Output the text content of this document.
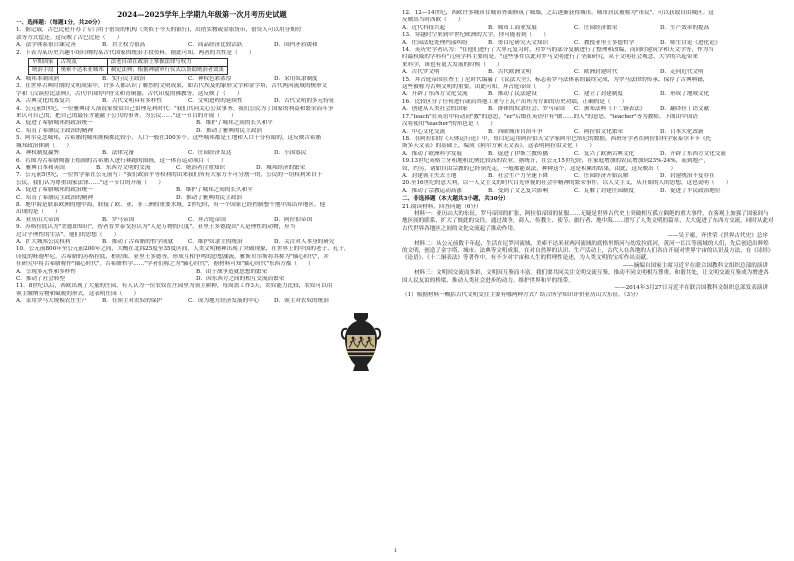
2024—2025学年上学期九年级第一次月考历史试题
一、选择题：（每题1分，共20分）
1．据记载，古巴比伦开办了专门用于借贷的机构（类似于今天的银行)，出借实物或金银货币，借贷人可以用分期付
款等方式偿还。这反映了古巴比伦（　　）
A．法学体系很日臻完善	B．君主权力很高	C．商品经济比较活跃	D．国内矛盾缓和
2．下表为某历史兴趣小组归纳的某古代国家的统治手段资料。据此可知，两者的共性是（　　）
早期国家	古埃及	法老自命在政治上掌握法律与权力
统治手段	奥索不达米亚城邦	制定法典；根据神谕审行仪式以帮助统治者效果
A．城邦本制成熟	B．实行民主政治	C．神权色彩浓厚	D．采用奴隶制度
3．在世界古典时期的文明成果中，许多人都认识了解烈的文明成果，如古代埃及的象形文字和金字塔，古代两河流域的楔形文
字和《汉谟拉比法典》，古代中国的甲骨文和青铜器，古代印度的佛教等。这反映了（　　）
A．古典文化的寡复兴	B．古代文明具有多样性	C．文明进程的延续性	D．古代文明的多元特征
4．公元前5世纪，一位雅典诗人演说家赞赏自己伯理克利时代："我们共同关心公众事务。我们公民为了国家的利益和繁荣而斗争
来认可自己的，把自己的最佳才能献于公共的事务，为公民……"这一节目的开展（　　）
A．促进了希腊城邦的政治统一	B．维护了城邦之间的长久和平
C．培育了希腊民主政治的精神	D．推动了雅典的民主政治
5．阿尔克念城邦，古希腊的城邦规模都比较小，人口一般在300多个。这些城邦都是土地和人口十分有限的，这反映古希腊
城邦政治体制（　　）
A．神权制度赢弊	B．法律完备	C．庄园经济发达	D．小国寡民
6．右图为古希腊陶器上绘制的古希腊人进行赛跑的图画，这一体育运动项目（　　）
A．雅典日本和英国	B．东西方文明的交流	C．统治者注重知识	D．城邦经济的繁荣
7．公元前5世纪，一位哲学家在公元前写："我们政治平等权利的由来我们所有大家方不可分割一的，公民的一切权利来自于
公民，我们认为尊重国家法律……"这一节目的开展（　　）
A．促进了希腊城邦的政治统一	B．维护了城邦之间的长久和平
C．培育了希腊民主政治的精神	D．推动了雅典的民主政治
8．地中海是联系欧洲的地中海，联接了欧、亚、非三洲的重要水域。2世纪时，有一个国家已经控制整个地中海沿岸地区，他
出现的是（　　）
A．亚历山大帝国	B．罗马帝国	C．拜占庭帝国	D．阿拉伯帝国
9．苏格拉底认为"美德即知识"，智者普罗泰戈拉认为"人是万物的尺度"，亚里士多德提出"人是理性的动物，应当
过合乎理性的生活"。他们的思想（　　）
A．扩大城邦公民权利	B．推动了古希腊的哲学成就	C．维护奴隶主的统治	D．关注对人本身的研究
10．公元前800年至公元前200年之间，大概在北纬25度至35度区间，人类文明精神出现了突破现象，在世界上的中国的老子、孔子，
印度的释迦牟尼，古希腊的苏格拉底、柏拉图、亚里士多德等，形成互相争鸣的思想潮流，雅斯贝尔斯将其称为"轴心时代"，并
在研究中将古希腊称作"轴心时代"。古希腊哲学……"学者们称之为"轴心时代"，据材料可知"轴心时代"东西方都（　　）
A．呈现多元性和多样性	B．由于战争造就思想的繁荣
C．推动了社会转型	D．因东西方之间的相互交流而繁荣
11．8世纪以后，西欧出现了大量的庄园，有人认为一位农奴在庄园里为领主耕种，每周需工作3天，农奴能力比较，农奴可以用
领主缴纳劳物和赋税的形式。这表明庄园（　　）
A．采用罗马大规模农庄生产	B．在领主对农奴的保护	C．成为地方经济发展的中心	D．领主对农奴的统治
12．12—14世纪，西欧许多城市在城市外面修筑了城墙，之后逐渐获得城市，城市居民被称为"市民"。可以获取自由城区。这
反映出当时西欧（　　）
A．近代科技兴起	B．城市工商业发展	C．庄园经济繁荣	D．生产效率的提高
13．穿越时空来到中世纪欧洲的大学，你可能看到（　　）
A．庄园法庭处理内部纠纷	B．哥白尼研究天文知识	C．教授亚里士多德哲学	D．师生讨论《进化论》
14．英历史学者认为："在他们进行了大单元复习时，对罗马的部分复制进行了整理和改编，而同时建筑学和天文学等，作为当
时最权威的学科有"几何学科主要的是。"这些事件以此对罗马文明进行了全面研究，从于文明社会观念，大学的兴起带来
来科学，该也有更大发展的时候（　　）
A．古代罗文明	B．古代欧洲文明	C．欧洲封建时代	D．走向近代文明
15．拜占庭帝国在查士丁尼时代编纂了《民法大全》，标志着罗马法体系的最终完成，为罗马法律的传承、保存了古典典籍，
这些被称为古典文明的重要，由此可知，拜占庭帝国（　　）
A．开辟了东西方文化交流	B．推动了民法建设	C．建立了封建制度	D．形成了地域文化
16．比较区分了任何进行或而其他工业与上瓦产出所为方面的历史功绩，正确的是（　　）
A．创建从人类社会的国家	B．群体的奴隶社会、罗马帝国	C．颁布法典《十二铜表法》	D．翻译拉丁语文献
17."teach"在英语中有动词"教"的意思，"er"后缀在英语中有"做……的人"的意思。"teacher"等为教师。下图由中国语
汉将使用"teacher"的角色是（　　）
A．中心文化交流	B．西欧城市自治斗争	C．阿拉伯文化繁荣	D．日本大化改新
18．在阿拉伯的《天体运行论》中，哥白尼运用阿拉伯天文学家阿尔巴塔尼的数据。西班牙学者在阿拉伯科学家泰尔卡卡《托
斯多天文表》的基础上，编成《阿尔方索天文表》。这表明阿拉伯文化（　　）
A．推动了欧洲科学发展	B．促进了伊斯兰教传播	C．复兴了欧洲古典文化	D．开辟了东西方文化交流
19.13世纪英格兰牙租地租比例比较高的农业，据统计，在公元15世纪经，在家庭增加的农民增加到23%-24%，而到地产，
奴，约另，诸如自由宗教的已经领先走，一般都能说法，种种这个，这是积累的结果，由此，这反映出（　　）
A．封建领主失去土地	B．社会生产力全速下降	C．庄园经济开始瓦解	D．封建统治不复存在
20.至16世纪的意大利，以一人文主义的时代目光审视的社会中精神的繁荣事件，以人文主义，从开始的人的思想，这也说明（　　）
A．推动了宗教运动高涨	B．受到了文艺复兴影响	C．瓦解了封建庄园制度	D．促进了平民政治地位
二、非选择题（本大题共3小题，共30分）
21.阅读材料，回答问题（6分）
材料一：亚历山大的东征，罗马帝国的扩张，阿拉伯帝国的征服……无疑是世界古代史上突破相互孤立隔绝的重大事件，在客观上加强了国家间与地区间的联系，扩大了彼此的交往。通过战争，商人、传教士、使节、旅行者、地中海……谱写了人类文明的篇章，大大促进了东西方交流，同时从此对古代世界各地区之间的文化交流起了推动作用。
——吴于廑、齐世荣《世界古代史》总序
材料二：从公元前数千年起，生活在尼罗河流域、美索不达米亚两河流域的底格里斯河与幼发拉底河，黄河一长江等流域的人们，先后创造出辉煌的文明，创造了金字塔、城市、法典等文明成果。在对自然界的认识、生产活动上，古代人在各地的人们各自开展对世界宇宙的认识及方法，在《诗经》《论语》、《十二铜表法》等著作中，有不少对宇宙和人生的哲理性论述，为人类文明的宝库作出贡献。
——摘编自国家主席习近平在联合国教科文组织总部的演讲
材料三：文明因交流而多彩，文明因互鉴而丰富。我们要共同关注文明交流互鉴，推动不同文明相互尊重、和谐共处，让文明交流互鉴成为增进各国人民友谊的桥梁、推动人类社会进步的动力、维护世界和平的纽带。
——2014年3月27日习近平在联合国教科文组织总部发表演讲
（1）根据材料一概括古代文明交往主要有哪两种方式？结合所学知识评价亚历山大东征。（3分）
1
